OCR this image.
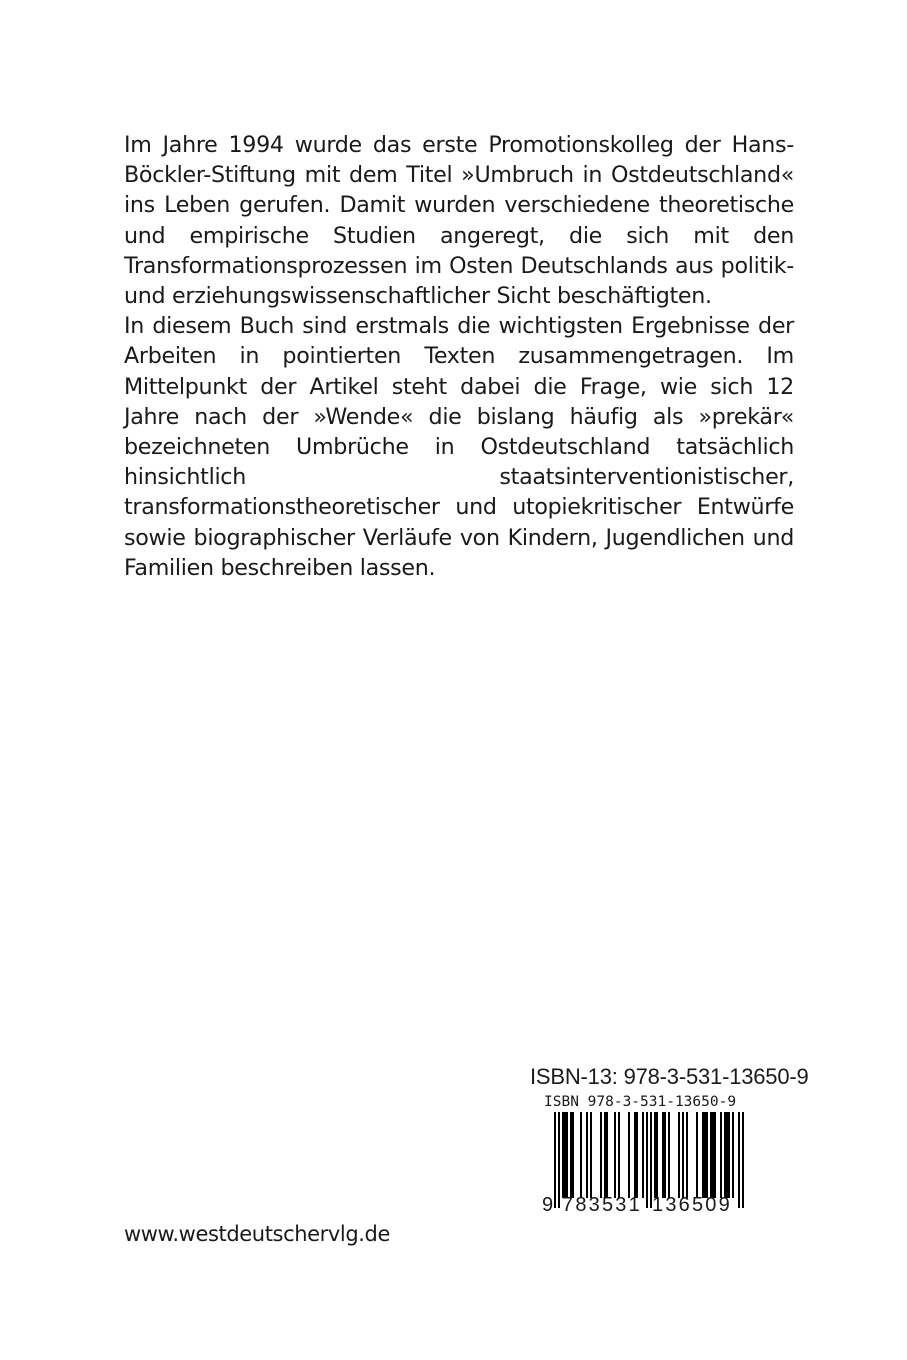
Im Jahre 1994 wurde das erste Promotionskolleg der Hans-Böckler-Stiftung mit dem Titel »Umbruch in Ostdeutschland« ins Leben gerufen. Damit wurden verschiedene theoretische und empirische Studien angeregt, die sich mit den Transformationsprozessen im Osten Deutschlands aus politik- und erziehungswissenschaftlicher Sicht beschäftigten.

In diesem Buch sind erstmals die wichtigsten Ergebnisse der Arbeiten in pointierten Texten zusammengetragen. Im Mittelpunkt der Artikel steht dabei die Frage, wie sich 12 Jahre nach der »Wende« die bislang häufig als »prekär« bezeichneten Umbrüche in Ostdeutschland tatsächlich hinsichtlich staatsinterventionistischer, transformationstheoretischer und utopiekritischer Entwürfe sowie biographischer Verläufe von Kindern, Jugendlichen und Familien beschreiben lassen.

ISBN-13: 978-3-531-13650-9
ISBN 978-3-531-13650-9
9 783531 136509
www.westdeutschervlg.de
